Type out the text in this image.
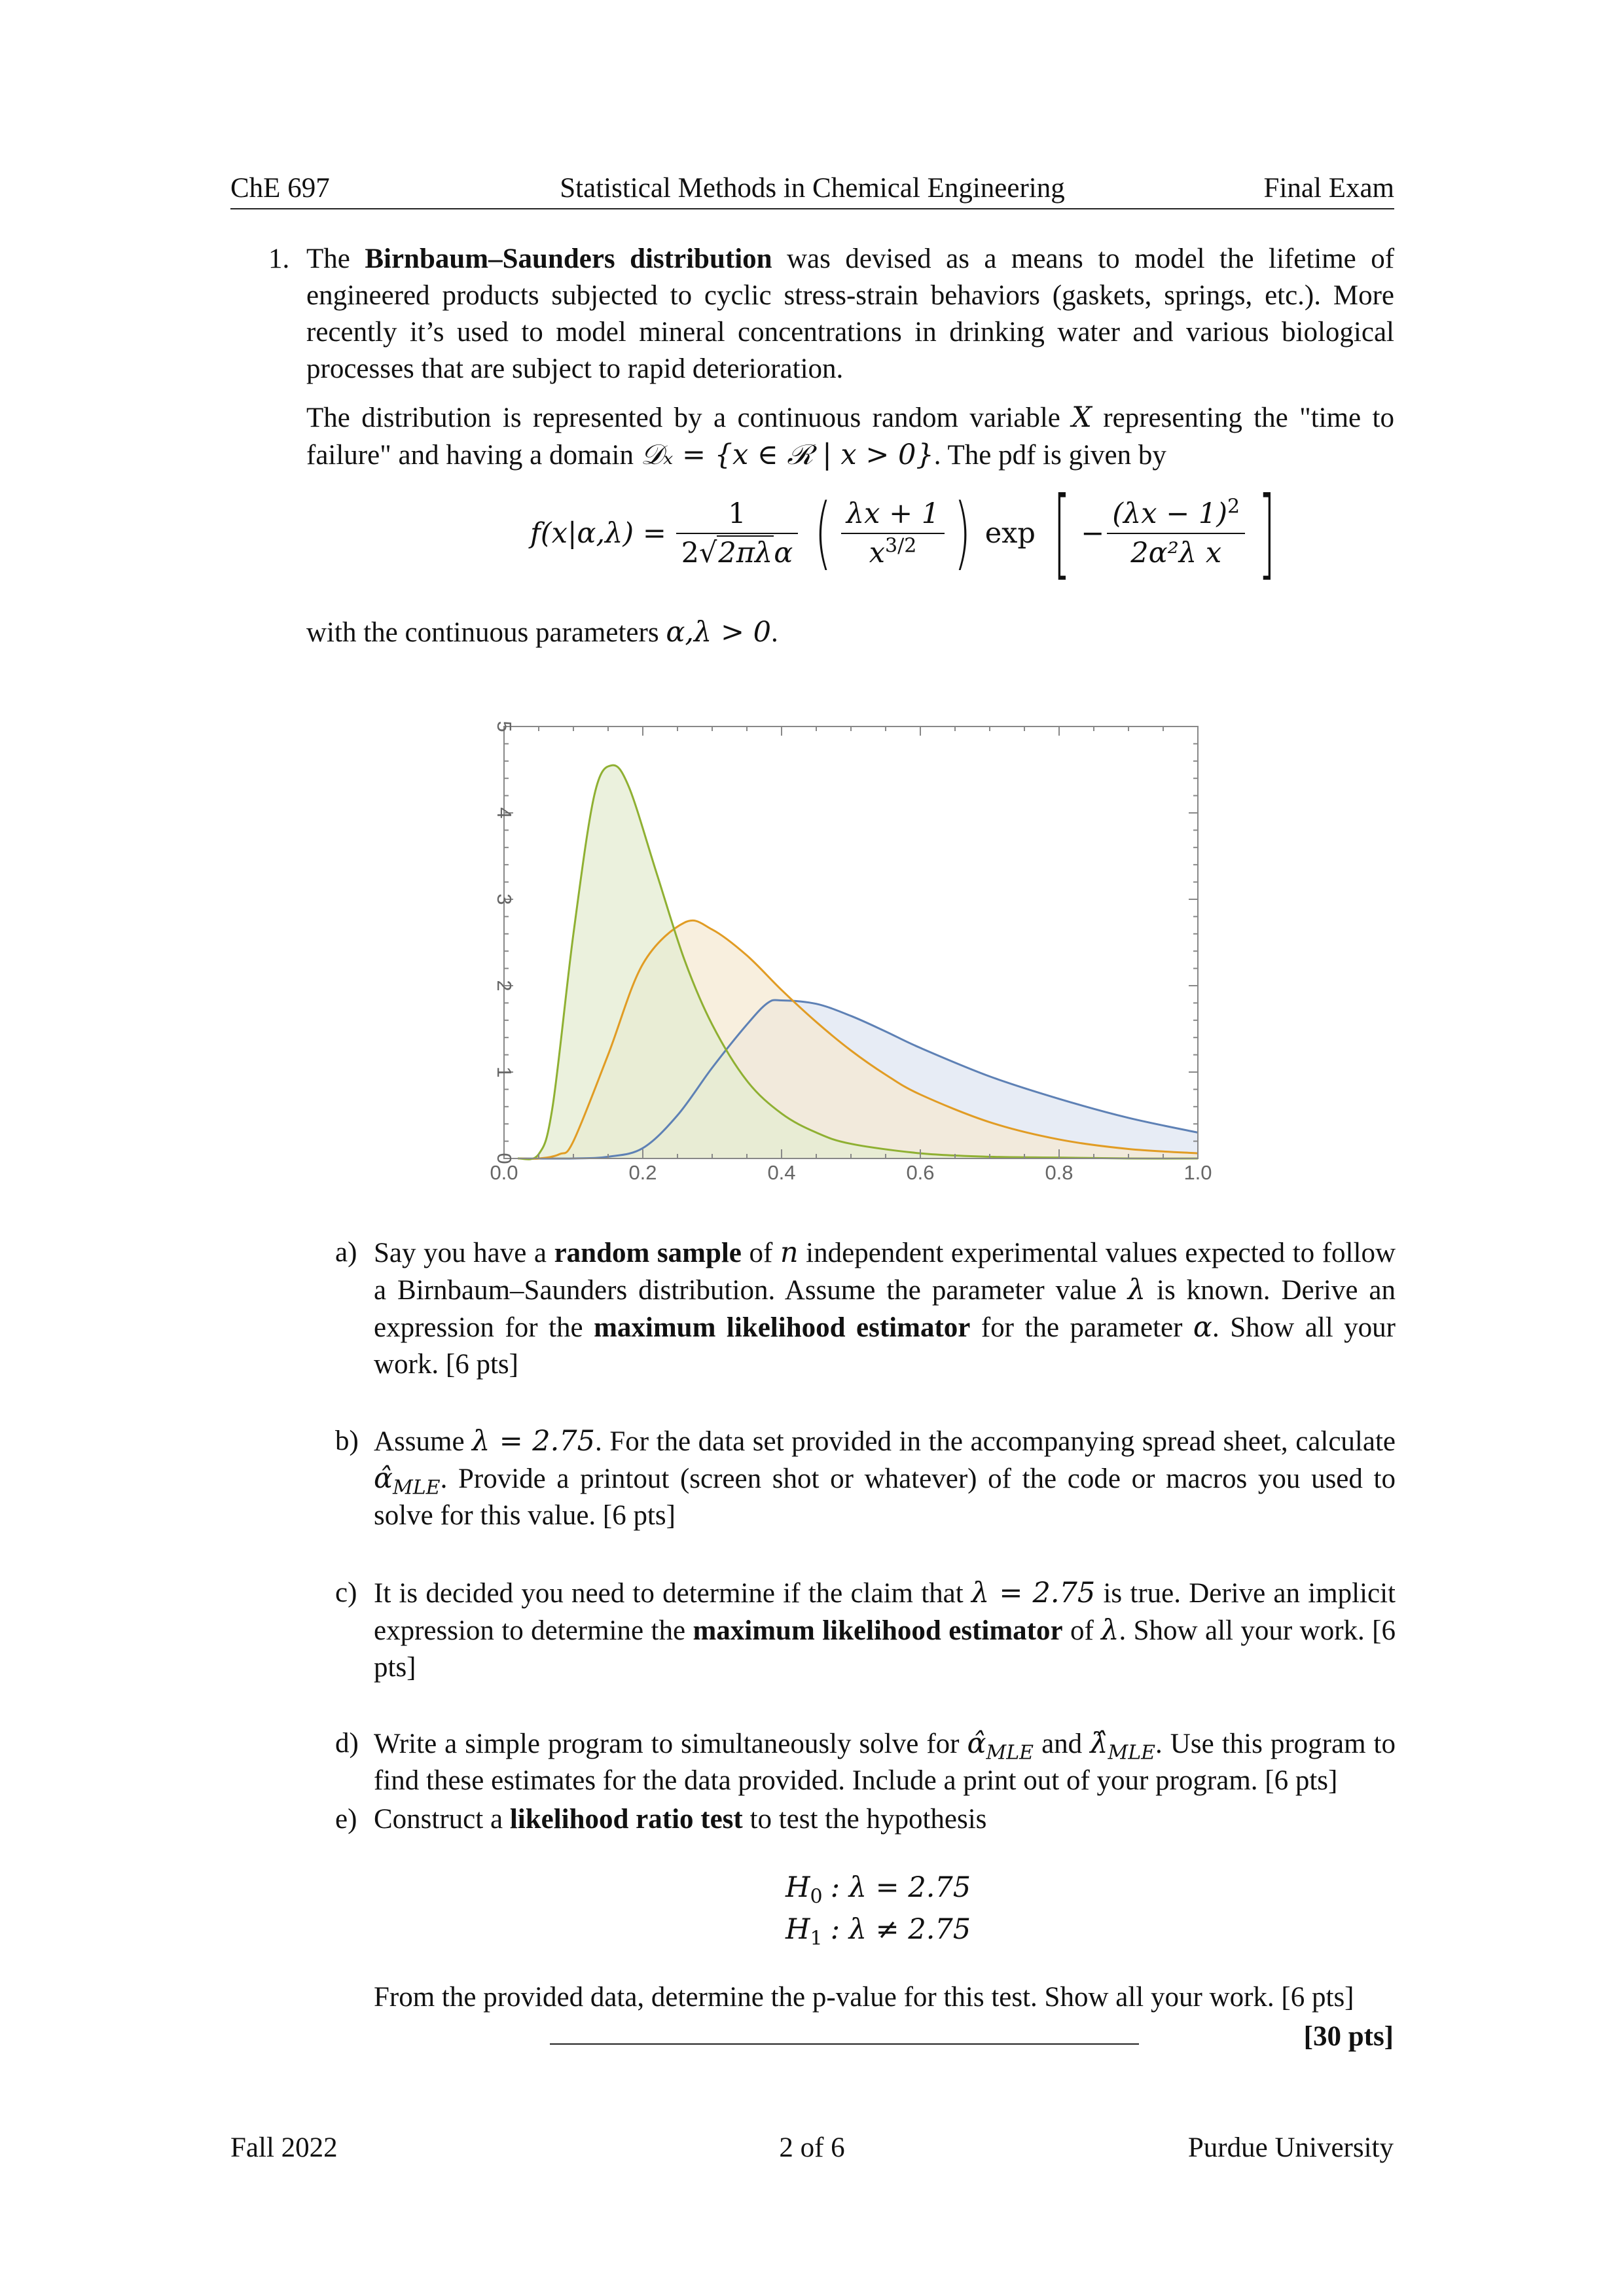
ChE 697	Statistical Methods in Chemical Engineering	Final Exam
1. The Birnbaum–Saunders distribution was devised as a means to model the lifetime of engineered products subjected to cyclic stress-strain behaviors (gaskets, springs, etc.). More recently it’s used to model mineral concentrations in drinking water and various biological processes that are subject to rapid deterioration.

The distribution is represented by a continuous random variable X representing the "time to failure" and having a domain 𝒟ₓ = {x ∈ ℛ | x > 0}. The pdf is given by

$f(x|\alpha,\lambda) = \frac{1}{\text{2√2πλα}}$ ( $\frac{\lambda x + 1}{x^{3/2}}$ ) exp [ − $\frac{(\lambda x - 1)^2}{\text{2α²λ x}}$ ]
with the continuous parameters α,λ > 0.
0.0	0.2	0.4	0.6	0.8	1.0
0
1
2
3
4
5
a) Say you have a random sample of n independent experimental values expected to follow a Birnbaum–Saunders distribution. Assume the parameter value λ is known. Derive an expression for the maximum likelihood estimator for the parameter α. Show all your work. [6 pts]
b) Assume λ = 2.75. For the data set provided in the accompanying spread sheet, calculate $\alphâ_{MLE}$. Provide a printout (screen shot or whatever) of the code or macros you used to solve for this value. [6 pts]
c) It is decided you need to determine if the claim that λ = 2.75 is true. Derive an implicit expression to determine the maximum likelihood estimator of λ. Show all your work. [6 pts]
d) Write a simple program to simultaneously solve for $\alphâ_{MLE}$ and $\lambdâ_{MLE}$. Use this program to find these estimates for the data provided. Include a print out of your program. [6 pts]
e) Construct a likelihood ratio test to test the hypothesis
$H_0$ : λ = 2.75
$H_1$ : λ ≠ 2.75
From the provided data, determine the p-value for this test. Show all your work. [6 pts]
[30 pts]
Fall 2022	2 of 6	Purdue University
